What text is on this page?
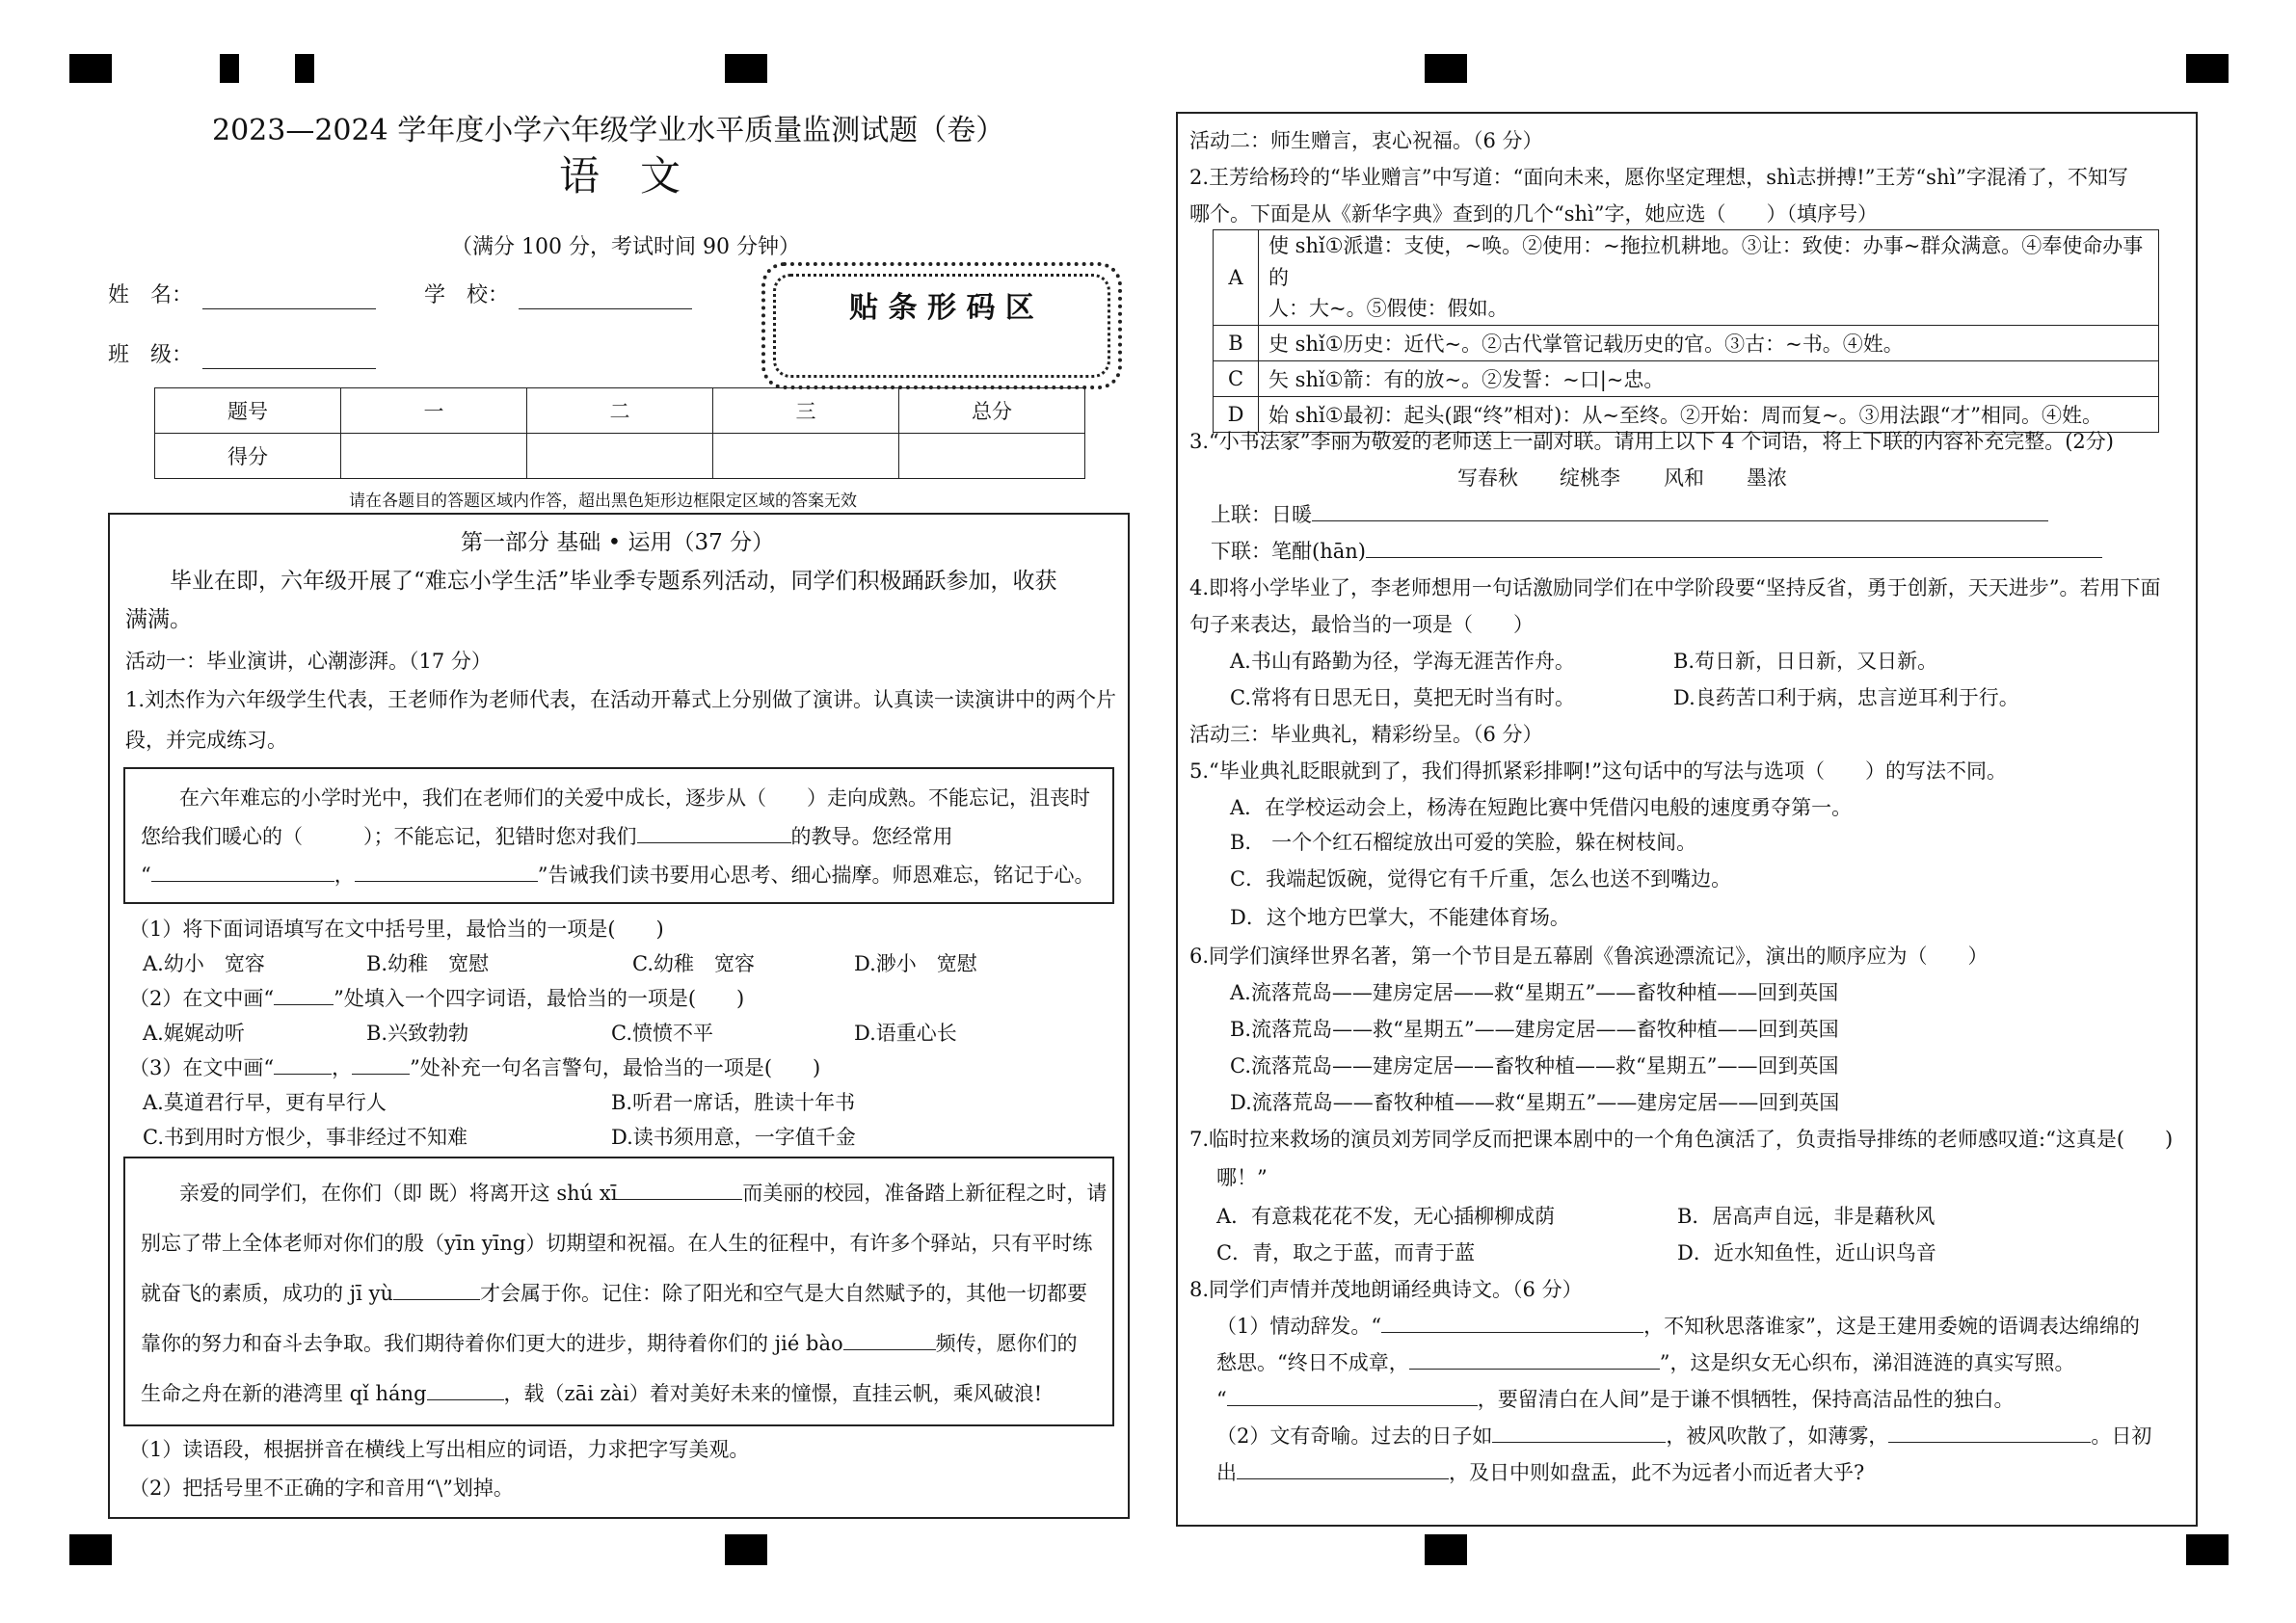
2023—2024 学年度小学六年级学业水平质量监测试题（卷）
语　文
（满分 100 分，考试时间 90 分钟）
姓　名：	学　校：
班　级：
贴 条 形 码 区
题号	一	二	三	总分
得分				
请在各题目的答题区域内作答，超出黑色矩形边框限定区域的答案无效
第一部分 基础 • 运用（37 分）
毕业在即，六年级开展了“难忘小学生活”毕业季专题系列活动，同学们积极踊跃参加，收获
满满。
活动一：毕业演讲，心潮澎湃。（17 分）
1.刘杰作为六年级学生代表，王老师作为老师代表，在活动开幕式上分别做了演讲。认真读一读演讲中的两个片
段，并完成练习。
在六年难忘的小学时光中，我们在老师们的关爱中成长，逐步从（　　）走向成熟。不能忘记，沮丧时
您给我们暖心的（　　　）；不能忘记，犯错时您对我们	的教导。您经常用
“	，	”告诫我们读书要用心思考、细心揣摩。师恩难忘，铭记于心。
（1）将下面词语填写在文中括号里，最恰当的一项是(　　)
A.幼小　宽容	B.幼稚　宽慰	C.幼稚　宽容	D.渺小　宽慰
（2）在文中画“	”处填入一个四字词语，最恰当的一项是(　　)
A.娓娓动听	B.兴致勃勃	C.愤愤不平	D.语重心长
（3）在文中画“	，	”处补充一句名言警句，最恰当的一项是(　　)
A.莫道君行早，更有早行人	B.听君一席话，胜读十年书
C.书到用时方恨少，事非经过不知难	D.读书须用意，一字值千金
亲爱的同学们，在你们（即 既）将离开这 shú xī	而美丽的校园，准备踏上新征程之时，请
别忘了带上全体老师对你们的殷（yīn yīng）切期望和祝福。在人生的征程中，有许多个驿站，只有平时练
就奋飞的素质，成功的 jī yù	才会属于你。记住：除了阳光和空气是大自然赋予的，其他一切都要
靠你的努力和奋斗去争取。我们期待着你们更大的进步，期待着你们的 jié bào	频传，愿你们的
生命之舟在新的港湾里 qǐ háng	，载（zāi zài）着对美好未来的憧憬，直挂云帆，乘风破浪!
（1）读语段，根据拼音在横线上写出相应的词语，力求把字写美观。
（2）把括号里不正确的字和音用“\”划掉。
活动二：师生赠言，衷心祝福。（6 分）
2.王芳给杨玲的“毕业赠言”中写道：“面向未来，愿你坚定理想，shì志拼搏!”王芳“shì”字混淆了，不知写
哪个。下面是从《新华字典》查到的几个“shì”字，她应选（　　）（填序号）
A	使 shǐ①派遣：支使，~唤。②使用：~拖拉机耕地。③让：致使：办事~群众满意。④奉使命办事的
人：大~。⑤假使：假如。

B	史 shǐ①历史：近代~。②古代掌管记载历史的官。③古：~书。④姓。
C	矢 shǐ①箭：有的放~。②发誓：~口|~忠。
D	始 shǐ①最初：起头(跟“终”相对)：从~至终。②开始：周而复~。③用法跟“才”相同。④姓。
3.“小书法家”李丽为敬爱的老师送上一副对联。请用上以下 4 个词语，将上下联的内容补充完整。(2分)
写春秋 绽桃李 风和 墨浓
上联：日暖
下联：笔酣(hān)
4.即将小学毕业了，李老师想用一句话激励同学们在中学阶段要“坚持反省，勇于创新，天天进步”。若用下面
句子来表达，最恰当的一项是（　　）
A.书山有路勤为径，学海无涯苦作舟。	B.苟日新，日日新，又日新。
C.常将有日思无日，莫把无时当有时。	D.良药苦口利于病，忠言逆耳利于行。
活动三：毕业典礼，精彩纷呈。（6 分）
5.“毕业典礼眨眼就到了，我们得抓紧彩排啊!”这句话中的写法与选项（　　）的写法不同。
A．在学校运动会上，杨涛在短跑比赛中凭借闪电般的速度勇夺第一。
B.　一个个红石榴绽放出可爱的笑脸，躲在树枝间。
C．我端起饭碗，觉得它有千斤重，怎么也送不到嘴边。
D．这个地方巴掌大，不能建体育场。
6.同学们演绎世界名著，第一个节目是五幕剧《鲁滨逊漂流记》，演出的顺序应为（　　）
A.流落荒岛——建房定居——救“星期五”——畜牧种植——回到英国
B.流落荒岛——救“星期五”——建房定居——畜牧种植——回到英国
C.流落荒岛——建房定居——畜牧种植——救“星期五”——回到英国
D.流落荒岛——畜牧种植——救“星期五”——建房定居——回到英国
7.临时拉来救场的演员刘芳同学反而把课本剧中的一个角色演活了，负责指导排练的老师感叹道:“这真是(　　)
哪！”
A．有意栽花花不发，无心插柳柳成荫	B．居高声自远，非是藉秋风
C．青，取之于蓝，而青于蓝	D．近水知鱼性，近山识鸟音
8.同学们声情并茂地朗诵经典诗文。（6 分）
（1）情动辞发。“	，不知秋思落谁家”，这是王建用委婉的语调表达绵绵的
愁思。“终日不成章，	”，这是织女无心织布，涕泪涟涟的真实写照。
“	，要留清白在人间”是于谦不惧牺牲，保持高洁品性的独白。
（2）文有奇喻。过去的日子如	，被风吹散了，如薄雾，	。日初
出	，及日中则如盘盂，此不为远者小而近者大乎?
